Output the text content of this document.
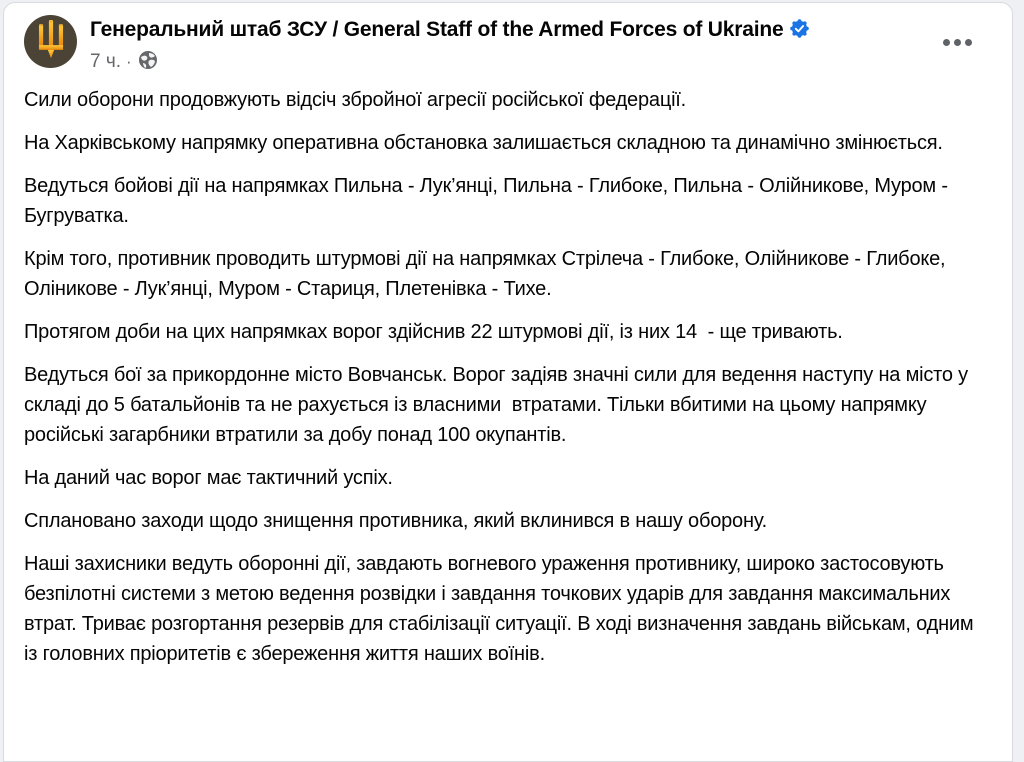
Генеральний штаб ЗСУ / General Staff of the Armed Forces of Ukraine
7 ч. ·

Сили оборони продовжують відсіч збройної агресії російської федерації.

На Харківському напрямку оперативна обстановка залишається складною та динамічно змінюється.

Ведуться бойові дії на напрямках Пильна - Лук’янці, Пильна - Глибоке, Пильна - Олійникове, Муром - Бугруватка.

Крім того, противник проводить штурмові дії на напрямках Стрілеча - Глибоке, Олійникове - Глибоке, Оліникове - Лук’янці, Муром - Стариця, Плетенівка - Тихе.

Протягом доби на цих напрямках ворог здійснив 22 штурмові дії, із них 14  - ще тривають.

Ведуться бої за прикордонне місто Вовчанськ. Ворог задіяв значні сили для ведення наступу на місто у складі до 5 батальйонів та не рахується із власними  втратами. Тільки вбитими на цьому напрямку російські загарбники втратили за добу понад 100 окупантів.

На даний час ворог має тактичний успіх.

Сплановано заходи щодо знищення противника, який вклинився в нашу оборону.

Наші захисники ведуть оборонні дії, завдають вогневого ураження противнику, широко застосовують безпілотні системи з метою ведення розвідки і завдання точкових ударів для завдання максимальних втрат. Триває розгортання резервів для стабілізації ситуації. В ході визначення завдань військам, одним із головних пріоритетів є збереження життя наших воїнів.
